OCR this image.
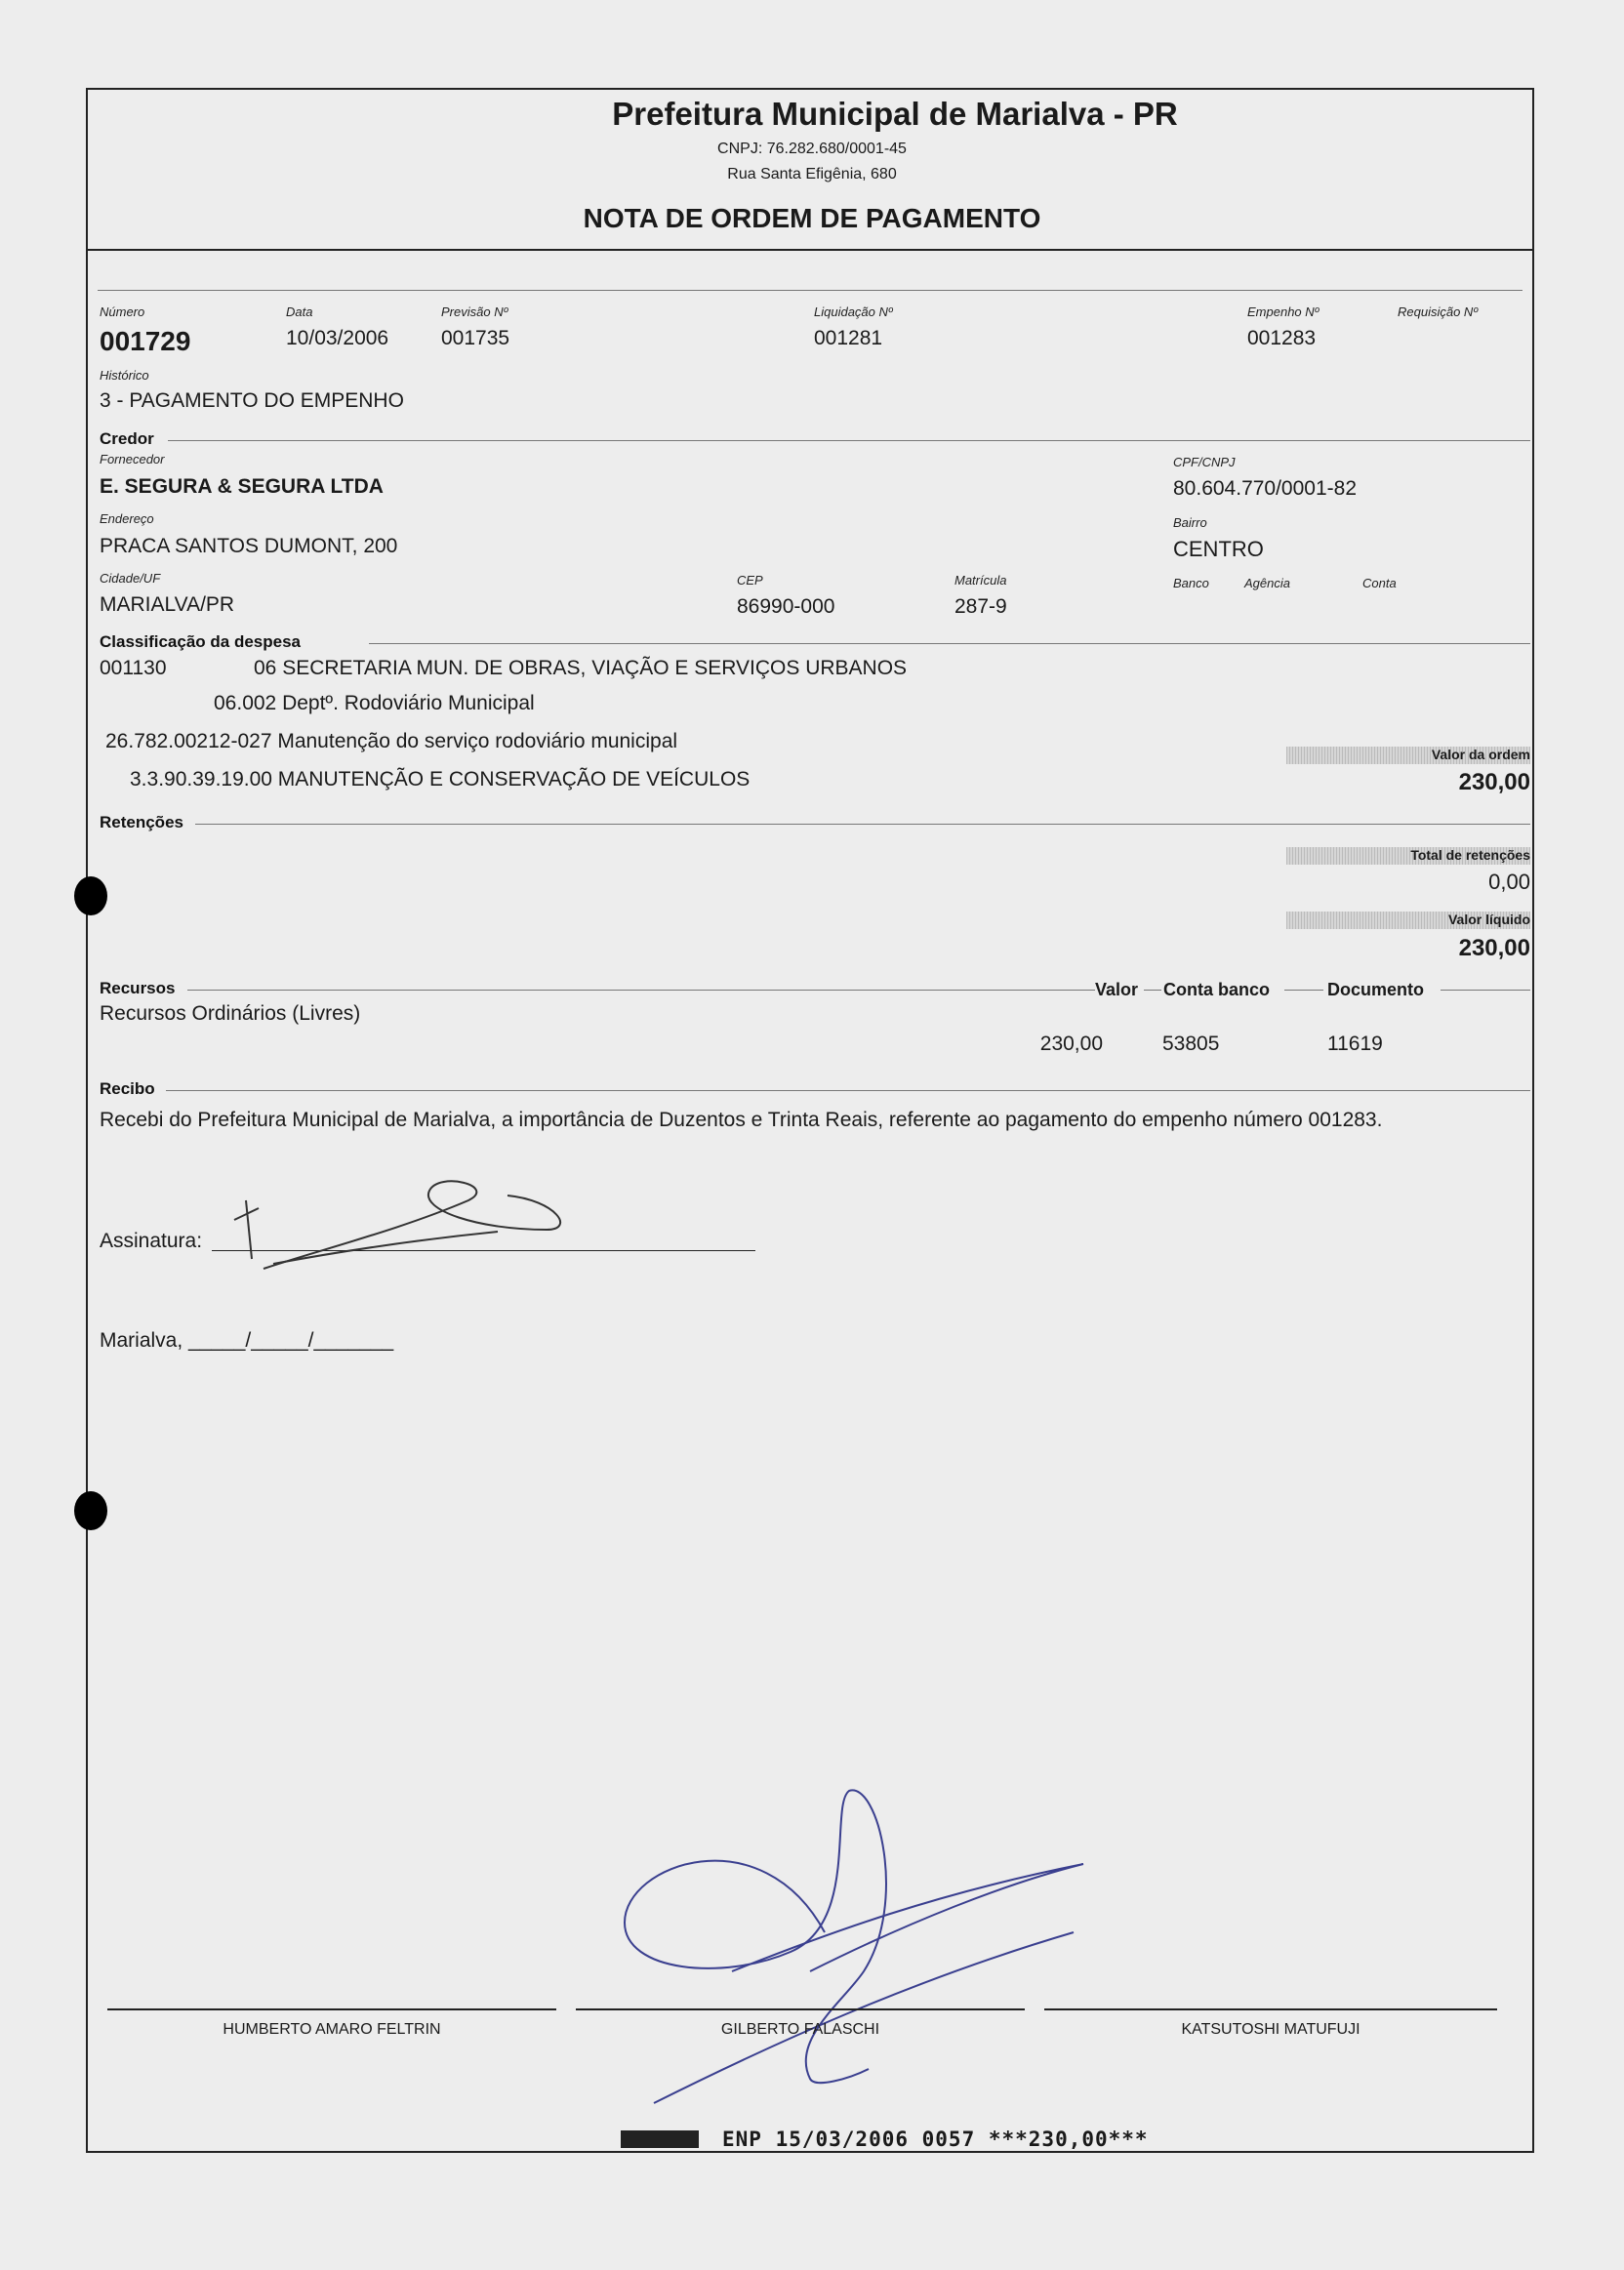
Prefeitura Municipal de Marialva - PR
CNPJ: 76.282.680/0001-45
Rua Santa Efigênia, 680
NOTA DE ORDEM DE PAGAMENTO
Número
001729
Data
10/03/2006
Previsão Nº
001735
Liquidação Nº
001281
Empenho Nº
001283
Requisição Nº
Histórico
3 - PAGAMENTO DO EMPENHO
Credor
Fornecedor
E. SEGURA & SEGURA LTDA
CPF/CNPJ
80.604.770/0001-82
Endereço
PRACA SANTOS DUMONT, 200
Bairro
CENTRO
Cidade/UF
MARIALVA/PR
CEP
86990-000
Matrícula
287-9
Banco	Agência	Conta
Classificação da despesa
001130	06 SECRETARIA MUN. DE OBRAS, VIAÇÃO E SERVIÇOS URBANOS
06.002 Deptº. Rodoviário Municipal
26.782.00212-027 Manutenção do serviço rodoviário municipal
3.3.90.39.19.00 MANUTENÇÃO E CONSERVAÇÃO DE VEÍCULOS
Valor da ordem
230,00
Retenções
Total de retenções
0,00
Valor líquido
230,00
Recursos	Valor Conta banco	Documento
Recursos Ordinários (Livres)
230,00	53805	11619
Recibo
Recebi do Prefeitura Municipal de Marialva, a importância de Duzentos e Trinta Reais, referente ao pagamento do empenho número 001283.
Assinatura:
Marialva, _____/_____/_______
HUMBERTO AMARO FELTRIN	GILBERTO FALASCHI	KATSUTOSHI MATUFUJI
ENP 15/03/2006 0057 ***230,00***
